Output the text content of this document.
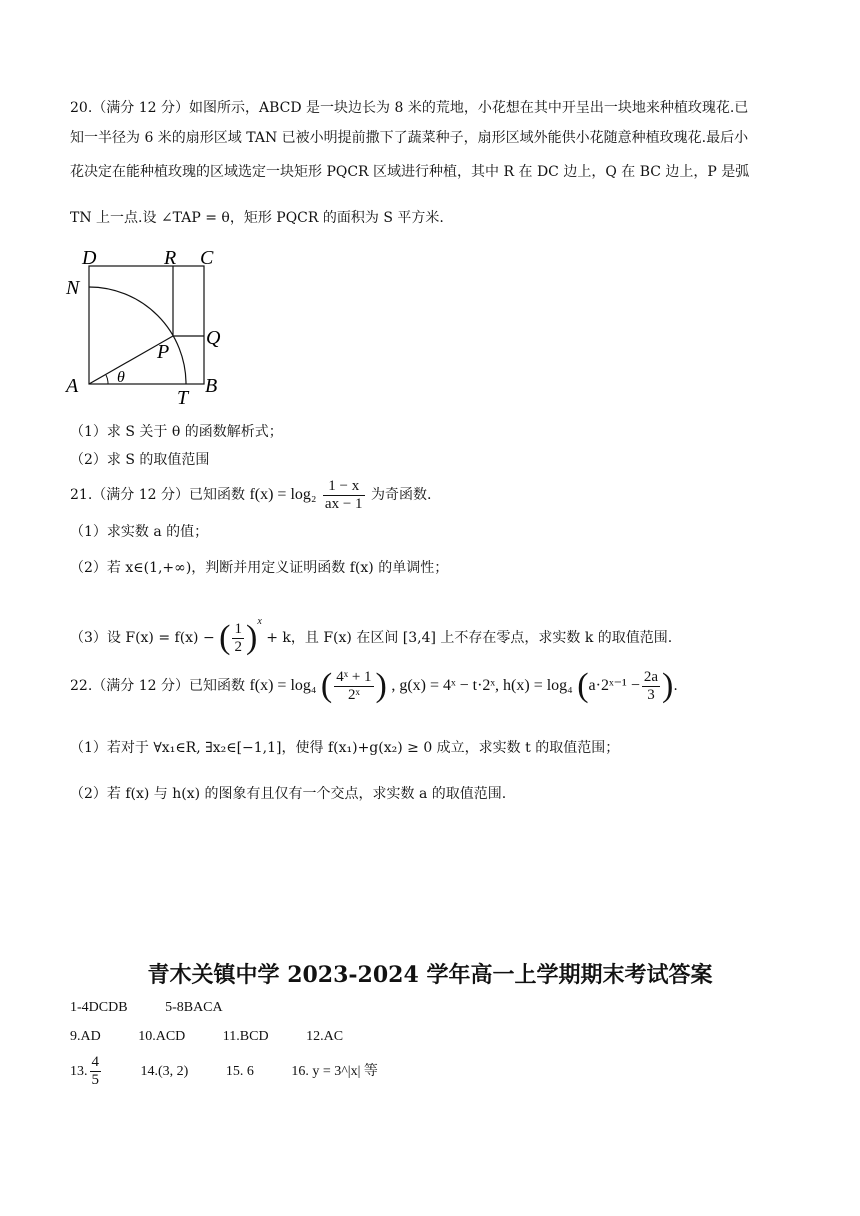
20.（满分 12 分）如图所示，ABCD 是一块边长为 8 米的荒地，小花想在其中开呈出一块地来种植玫瑰花.已
知一半径为 6 米的扇形区域 TAN 已被小明提前撒下了蔬菜种子，扇形区域外能供小花随意种植玫瑰花.最后小
花决定在能种植玫瑰的区域选定一块矩形 PQCR 区域进行种植，其中 R 在 DC 边上，Q 在 BC 边上，P 是弧
TN 上一点.设 ∠TAP = θ，矩形 PQCR 的面积为 S 平方米.
D	R C
N
Q
P
A θ	B
T
（1）求 S 关于 θ 的函数解析式；
（2）求 S 的取值范围
21.（满分 12 分）已知函数 $f(x) = \log_2 \frac{1 - x}{ax - 1}$ 为奇函数.
（1）求实数 a 的值；
（2）若 x∈(1,+∞)，判断并用定义证明函数 f(x) 的单调性；
（3）设 F(x) = f(x) − ( $\frac{1}{2} )^x + k$，且 F(x) 在区间 [3,4] 上不存在零点，求实数 k 的取值范围.
22.（满分 12 分）已知函数 f(x) = log₄ ( $\frac{\text{4ˣ + 1}}{\text{2ˣ}}$ ) , g(x) = 4ˣ − t·2ˣ, h(x) = log₄ (a·2ˣ⁻¹ − $\frac{2a}{3}$ ).
（1）若对于 ∀x₁∈R, ∃x₂∈[−1,1]，使得 f(x₁)+g(x₂) ≥ 0 成立，求实数 t 的取值范围；
（2）若 f(x) 与 h(x) 的图象有且仅有一个交点，求实数 a 的取值范围.
青木关镇中学 2023-2024 学年高一上学期期末考试答案
1-4DCDB	5-8BACA
9.AD	10.ACD	11.BCD	12.AC
13. $\frac{4}{5}$	14.(3, 2)	15. 6	16. y = 3^|x| 等
